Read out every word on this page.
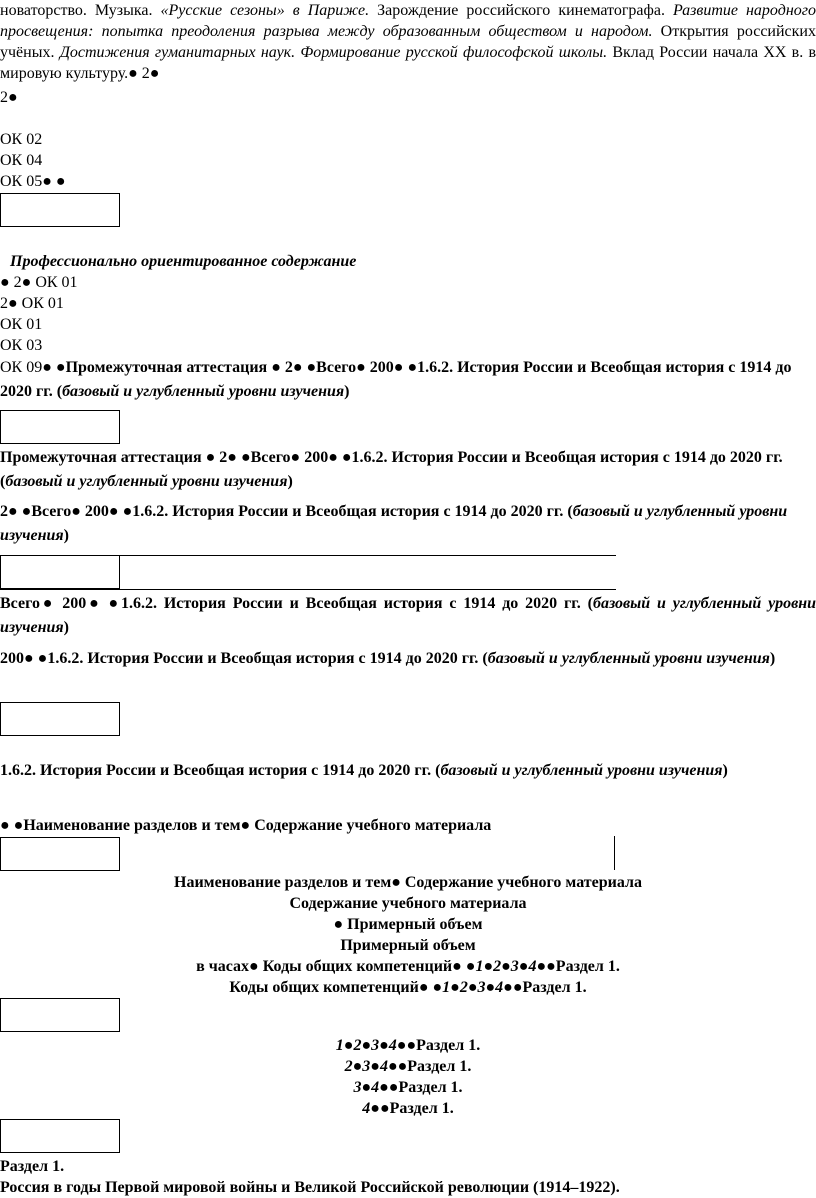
новаторство. Музыка. «Русские сезоны» в Париже. Зарождение российского кинематографа. Развитие народного просвещения: попытка преодоления разрыва между образованным обществом и народом. Открытия российских учёных. Достижения гуманитарных наук. Формирование русской философской школы. Вклад России начала XX в. в мировую культуру.● 2●

2●
ОК 02
ОК 04
ОК 05● ●
Профессионально ориентированное содержание
● 2● ОК 01
2● ОК 01
ОК 01
ОК 03

ОК 09● ●Промежуточная аттестация ● 2● ●Всего● 200● ●1.6.2. История России и Всеобщая история с 1914 до 2020 гг. (базовый и углубленный уровни изучения)

Промежуточная аттестация ● 2● ●Всего● 200● ●1.6.2. История России и Всеобщая история с 1914 до 2020 гг. (базовый и углубленный уровни изучения)

2● ●Всего● 200● ●1.6.2. История России и Всеобщая история с 1914 до 2020 гг. (базовый и углубленный уровни изучения)

Всего● 200● ●1.6.2. История России и Всеобщая история с 1914 до 2020 гг. (базовый и углубленный уровни изучения)

200● ●1.6.2. История России и Всеобщая история с 1914 до 2020 гг. (базовый и углубленный уровни изучения)

1.6.2. История России и Всеобщая история с 1914 до 2020 гг. (базовый и углубленный уровни изучения)

● ●Наименование разделов и тем● Содержание учебного материала
Наименование разделов и тем● Содержание учебного материала
Содержание учебного материала
● Примерный объем
Примерный объем
в часах● Коды общих компетенций● ●1●2●3●4●●Раздел 1.
Коды общих компетенций● ●1●2●3●4●●Раздел 1.
1●2●3●4●●Раздел 1.
2●3●4●●Раздел 1.
3●4●●Раздел 1.
4●●Раздел 1.
Раздел 1.
Россия в годы Первой мировой войны и Великой Российской революции (1914–1922).
